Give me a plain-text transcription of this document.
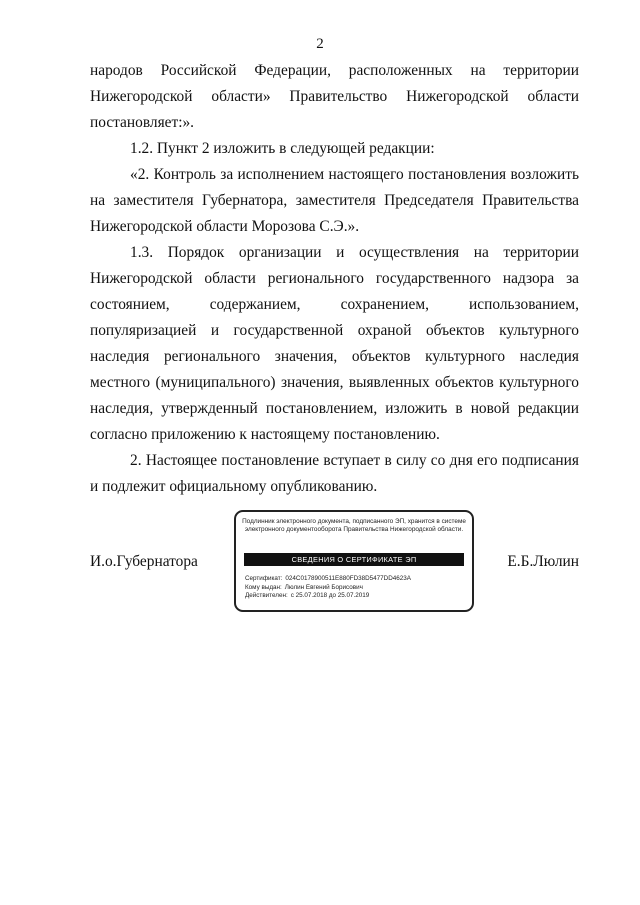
2

народов Российской Федерации, расположенных на территории Нижегородской области» Правительство Нижегородской области постановляет:».

1.2. Пункт 2 изложить в следующей редакции:

«2. Контроль за исполнением настоящего постановления возложить на заместителя Губернатора, заместителя Председателя Правительства Нижегородской области Морозова С.Э.».

1.3. Порядок организации и осуществления на территории Нижегородской области регионального государственного надзора за состоянием, содержанием, сохранением, использованием, популяризацией и государственной охраной объектов культурного наследия регионального значения, объектов культурного наследия местного (муниципального) значения, выявленных объектов культурного наследия, утвержденный постановлением, изложить в новой редакции согласно приложению к настоящему постановлению.

2. Настоящее постановление вступает в силу со дня его подписания и подлежит официальному опубликованию.

И.о.Губернатора	Е.Б.Люлин
Подлинник электронного документа, подписанного ЭП, хранится в системе электронного документооборота Правительства Нижегородской области.
СВЕДЕНИЯ О СЕРТИФИКАТЕ ЭП
Сертификат: 024C0178900511E880FD38D5477DD4623A
Кому выдан: Люлин Евгений Борисович
Действителен: с 25.07.2018 до 25.07.2019
